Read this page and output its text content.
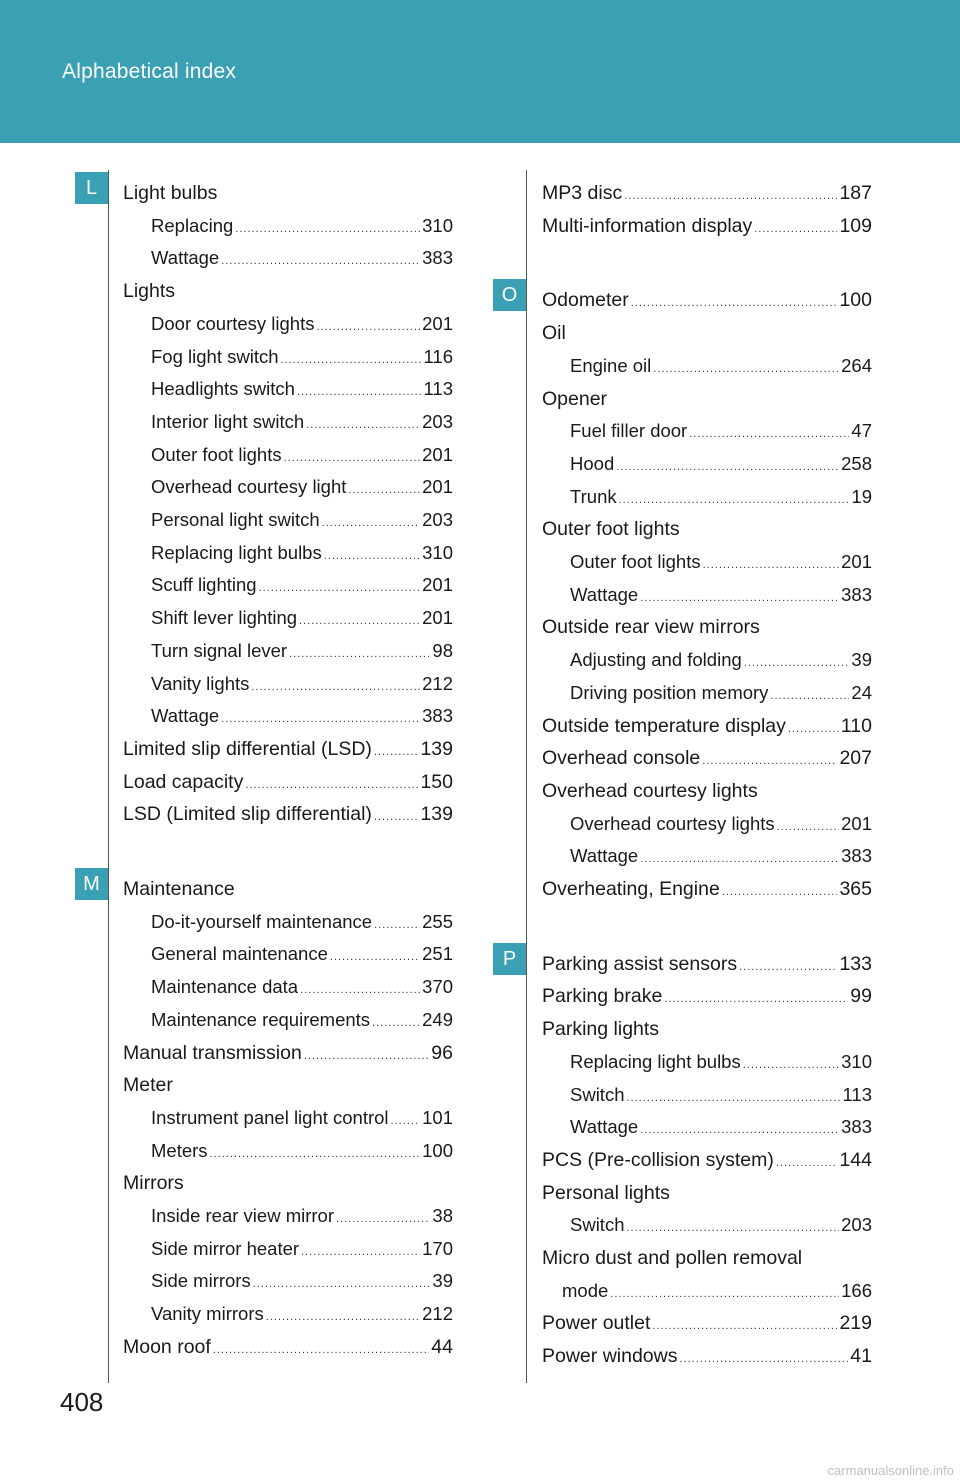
Alphabetical index
Light bulbs
Replacing .....	310
Wattage .....	383
Lights
Door courtesy lights .....	201
Fog light switch .....	116
Headlights switch .....	113
Interior light switch .....	203
Outer foot lights .....	201
Overhead courtesy light .....	201
Personal light switch .....	203
Replacing light bulbs .....	310
Scuff lighting .....	201
Shift lever lighting .....	201
Turn signal lever .....	98
Vanity lights .....	212
Wattage .....	383
Limited slip differential (LSD) ..... 139
Load capacity .....	150
LSD (Limited slip differential) ..... 139
Maintenance
Do-it-yourself maintenance .....	255
General maintenance .....	251
Maintenance data .....	370
Maintenance requirements .....	249
Manual transmission .....	96
Meter
Instrument panel light control ..... 101
Meters .....	100
Mirrors
Inside rear view mirror .....	38
Side mirror heater .....	170
Side mirrors .....	39
Vanity mirrors .....	212
Moon roof .....	44
MP3 disc .....	187
Multi-information display .....	109
Odometer .....	100
Oil
Engine oil .....	264
Opener
Fuel filler door .....	47
Hood .....	258
Trunk .....	19
Outer foot lights
Outer foot lights .....	201
Wattage .....	383
Outside rear view mirrors
Adjusting and folding .....	39
Driving position memory .....	24
Outside temperature display .....	110
Overhead console .....	207
Overhead courtesy lights
Overhead courtesy lights .....	201
Wattage .....	383
Overheating, Engine .....	365
Parking assist sensors .....	133
Parking brake .....	99
Parking lights
Replacing light bulbs .....	310
Switch .....	113
Wattage .....	383
PCS (Pre-collision system) .....	144
Personal lights
Switch .....	203
Micro dust and pollen removal
mode .....	166
Power outlet .....	219
Power windows .....	41
408
carmanualsonline.info
L
M
O
P
